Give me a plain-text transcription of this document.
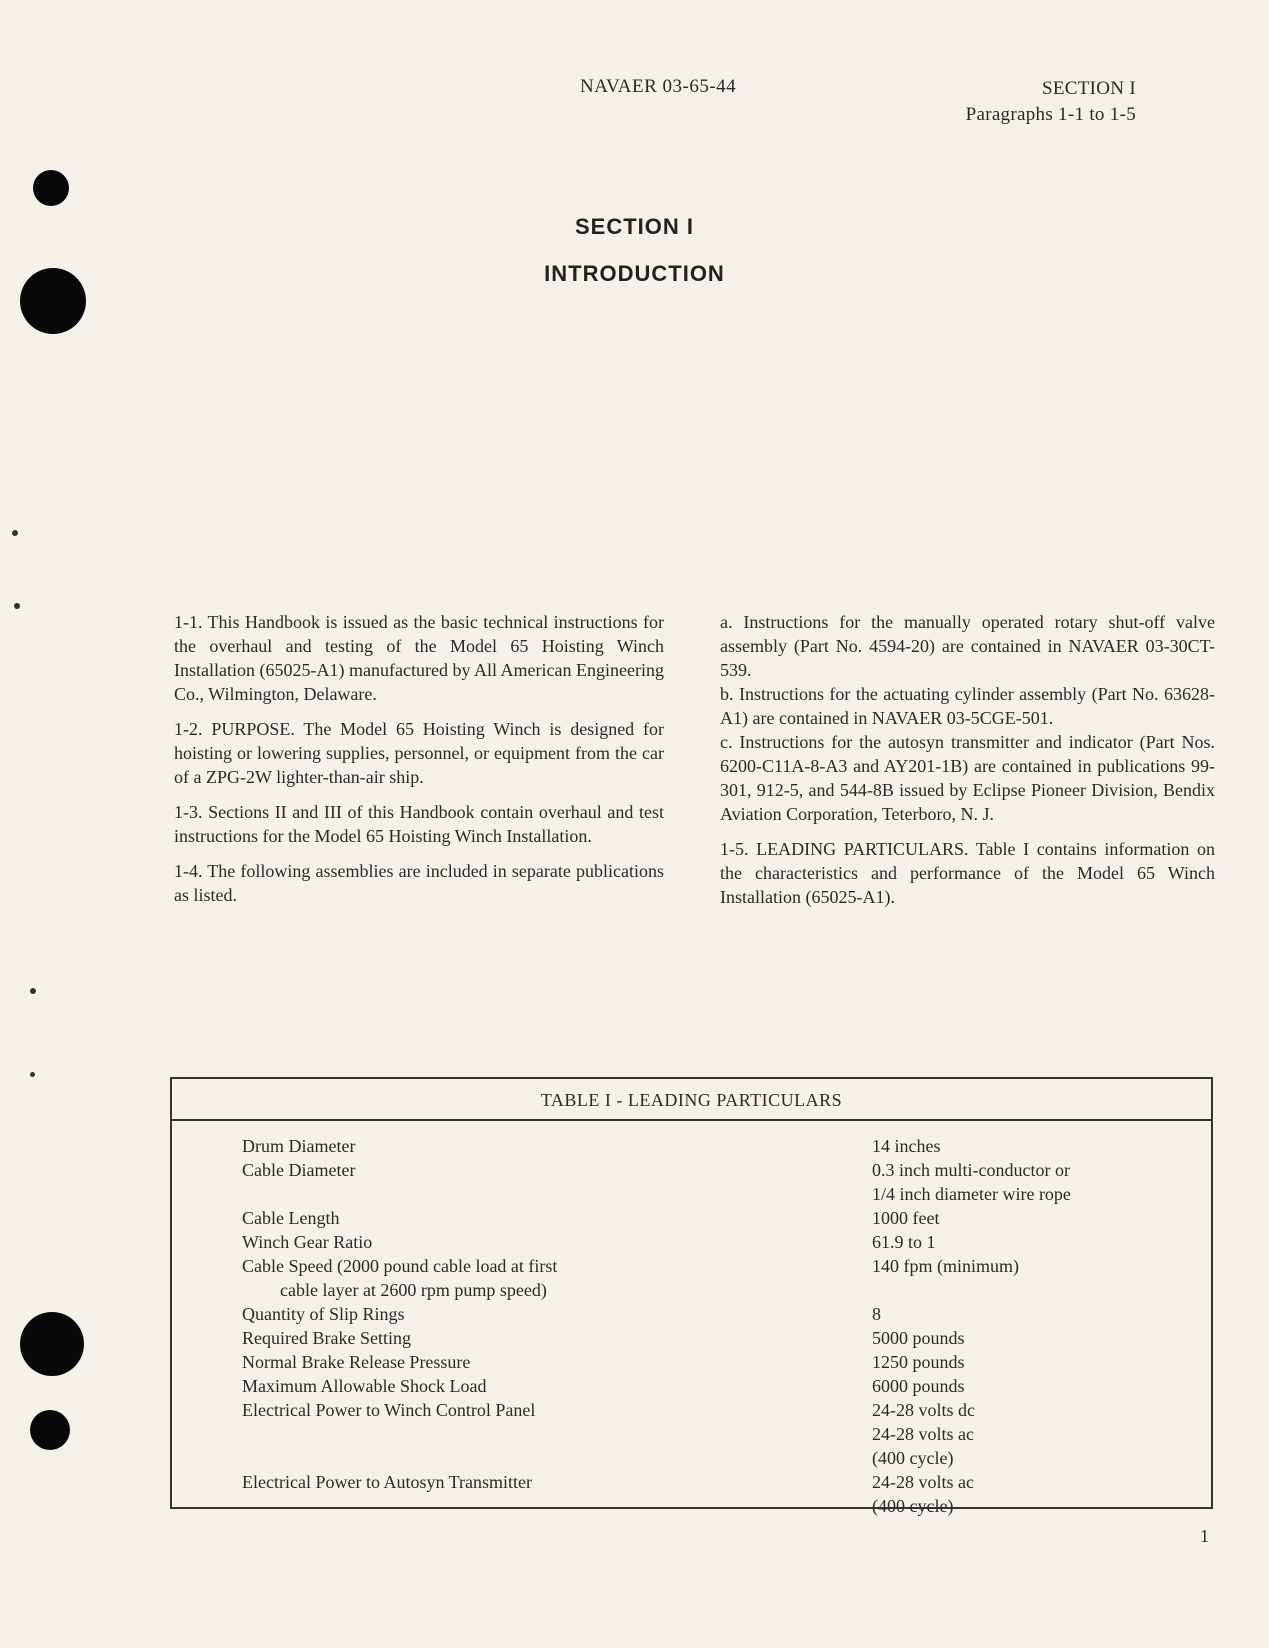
NAVAER 03-65-44	SECTION I
Paragraphs 1-1 to 1-5
SECTION I
INTRODUCTION

1-1. This Handbook is issued as the basic technical instructions for the overhaul and testing of the Model 65 Hoisting Winch Installation (65025-A1) manufactured by All American Engineering Co., Wilmington, Delaware.

1-2. PURPOSE. The Model 65 Hoisting Winch is designed for hoisting or lowering supplies, personnel, or equipment from the car of a ZPG-2W lighter-than-air ship.

1-3. Sections II and III of this Handbook contain overhaul and test instructions for the Model 65 Hoisting Winch Installation.

1-4. The following assemblies are included in separate publications as listed.

a. Instructions for the manually operated rotary shut-off valve assembly (Part No. 4594-20) are contained in NAVAER 03-30CT-539.

b. Instructions for the actuating cylinder assembly (Part No. 63628-A1) are contained in NAVAER 03-5CGE-501.

c. Instructions for the autosyn transmitter and indicator (Part Nos. 6200-C11A-8-A3 and AY201-1B) are contained in publications 99-301, 912-5, and 544-8B issued by Eclipse Pioneer Division, Bendix Aviation Corporation, Teterboro, N. J.

1-5. LEADING PARTICULARS. Table I contains information on the characteristics and performance of the Model 65 Winch Installation (65025-A1).

TABLE I - LEADING PARTICULARS
Drum Diameter	14 inches
Cable Diameter	0.3 inch multi-conductor or

1/4 inch diameter wire rope
Cable Length	1000 feet
Winch Gear Ratio	61.9 to 1
Cable Speed (2000 pound cable load at first	140 fpm (minimum)
cable layer at 2600 rpm pump speed)

Quantity of Slip Rings	8
Required Brake Setting	5000 pounds
Normal Brake Release Pressure	1250 pounds
Maximum Allowable Shock Load	6000 pounds
Electrical Power to Winch Control Panel	24-28 volts dc

24-28 volts ac

(400 cycle)
Electrical Power to Autosyn Transmitter	24-28 volts ac

(400 cycle)
1
